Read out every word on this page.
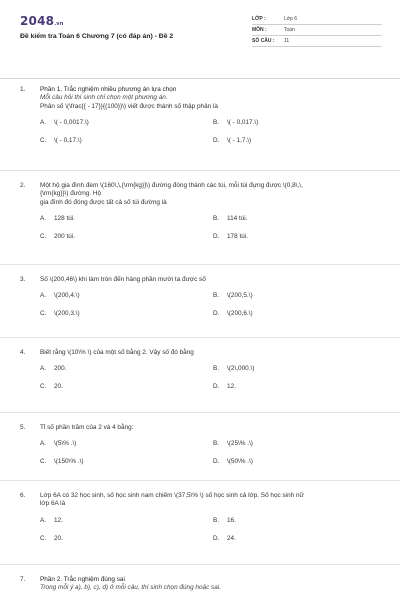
2048.vn
Đề kiểm tra Toán 6 Chương 7 (có đáp án) - Đề 2
LỚP :	Lớp 6
MÔN :	Toán
SỐ CÂU :	11
1.	Phần 1. Trắc nghiệm nhiều phương án lựa chọn
Mỗi câu hỏi thí sinh chỉ chọn một phương án.
Phân số \(\frac{{ - 17}}{{100}}\) viết được thành số thập phân là
A.	\( - 0,0017.\)	B.	\( - 0,017.\)
C.	\( - 0,17.\)	D.	\( - 1,7.\)
2.	Một hộ gia đình đem \(160\,\,{\rm{kg}}\) đường đóng thành các túi, mỗi túi đựng được \(0,8\,\,
{\rm{kg}}\) đường. Hộ
gia đình đó đóng được tất cả số túi đường là
A.	128 túi.	B.	114 túi.
C.	200 túi.	D.	178 túi.
3.	Số \(200,46\) khi làm tròn đến hàng phần mười ta được số
A.	\(200,4.\)	B.	\(200,5.\)
C.	\(200,3.\)	D.	\(200,6.\)
4.	Biết rằng \(10\% \) của một số bằng 2. Vậy số đó bằng
A.	200.	B.	\(2\,000.\)
C.	20.	D.	12.
5.	Tỉ số phần trăm của 2 và 4 bằng:
A.	\(5\% .\)	B.	\(25\% .\)
C.	\(150\% .\)	D.	\(50\% .\)
6.	Lớp 6A có 32 học sinh, số học sinh nam chiếm \(37,5\% \) số học sinh cả lớp. Số học sinh nữ
lớp 6A là
A.	12.	B.	16.
C.	20.	D.	24.
7.	Phần 2. Trắc nghiệm đúng sai
Trong mỗi ý a), b), c), d) ở mỗi câu, thí sinh chọn đúng hoặc sai.
